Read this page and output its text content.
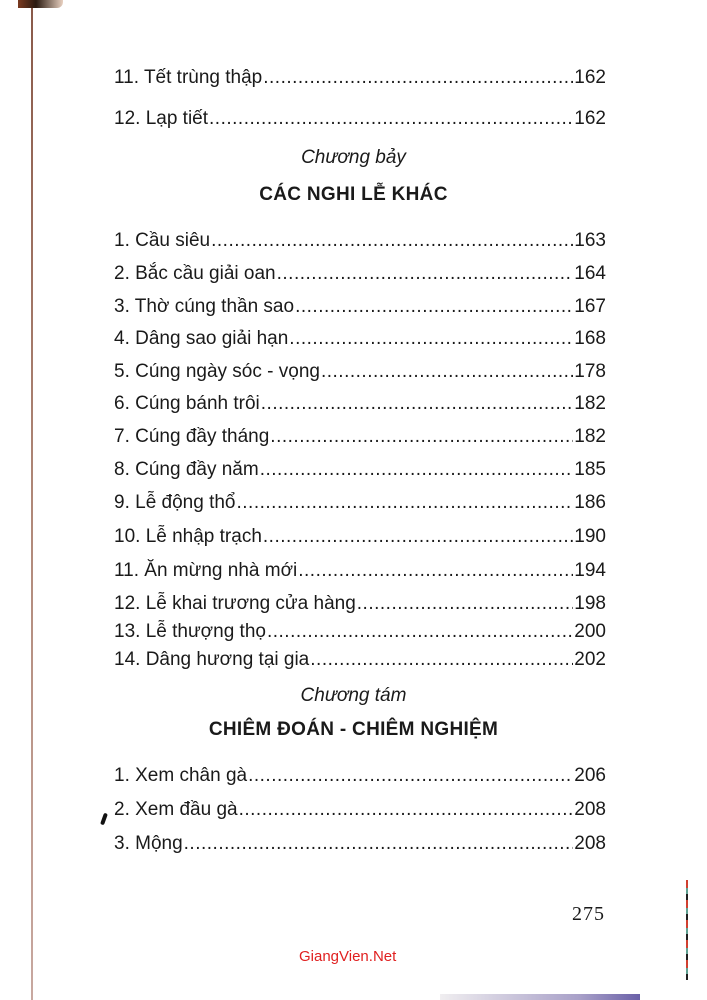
11. Tết trùng thập .....	162
12. Lạp tiết .....	162
Chương bảy
CÁC NGHI LỄ KHÁC
1. Cầu siêu .....	163
2. Bắc cầu giải oan .....	164
3. Thờ cúng thần sao .....	167
4. Dâng sao giải hạn .....	168
5. Cúng ngày sóc - vọng .....	178
6. Cúng bánh trôi .....	182
7. Cúng đầy tháng .....	182
8. Cúng đầy năm .....	185
9. Lễ động thổ .....	186
10. Lễ nhập trạch .....	190
11. Ăn mừng nhà mới .....	194
12. Lễ khai trương cửa hàng .....	198
13. Lễ thượng thọ .....	200
14. Dâng hương tại gia .....	202
Chương tám
CHIÊM ĐOÁN - CHIÊM NGHIỆM
1. Xem chân gà .....	206
2. Xem đầu gà .....	208
3. Mộng .....	208
275
GiangVien.Net
